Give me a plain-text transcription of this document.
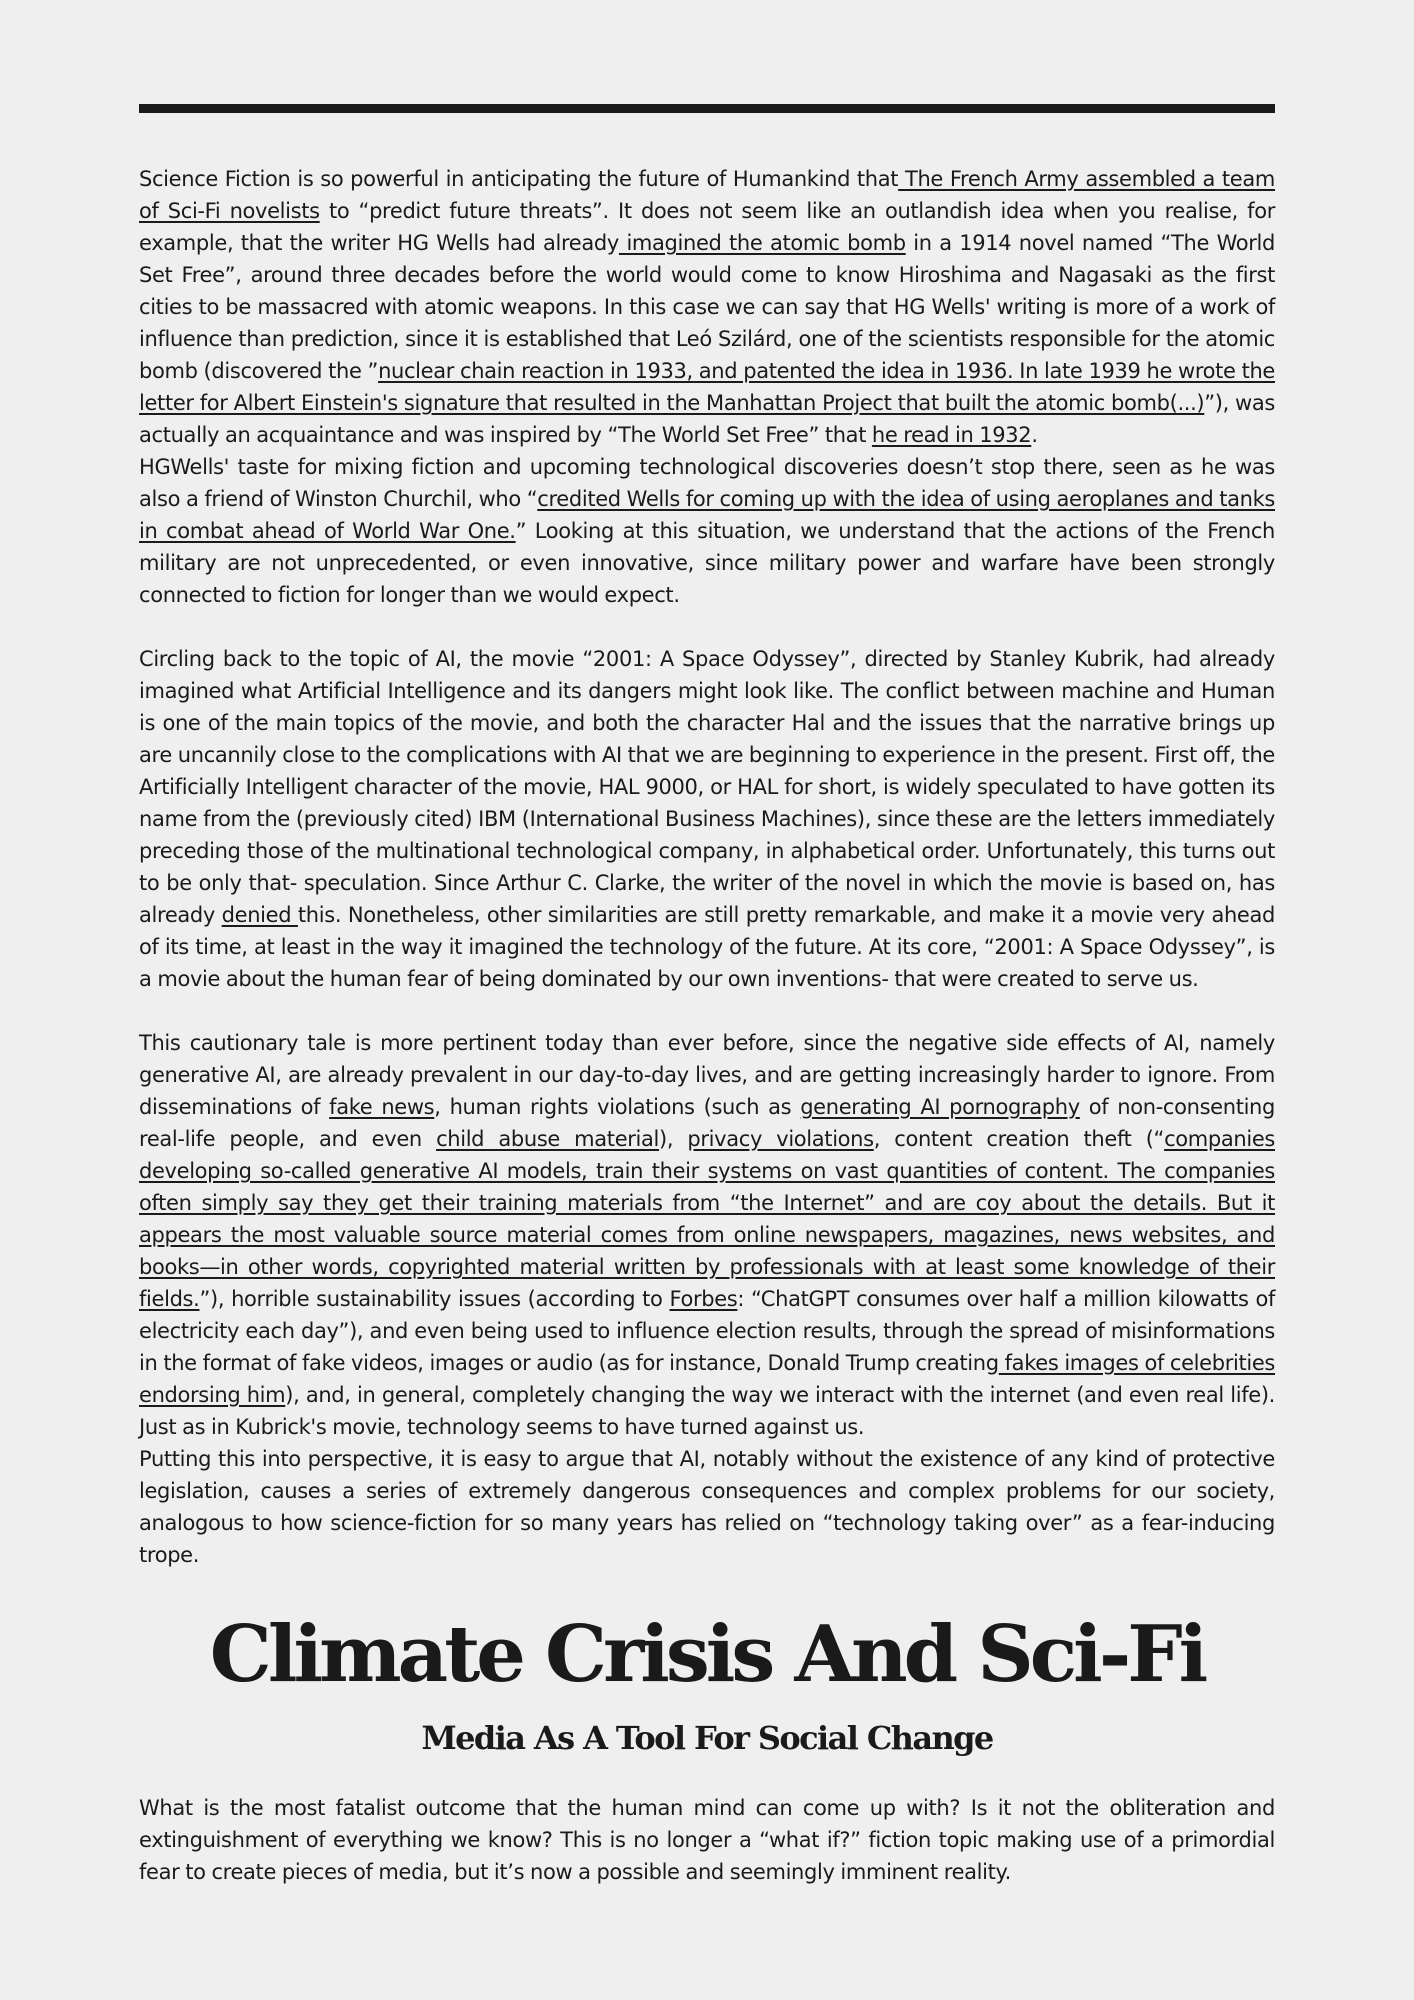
Science Fiction is so powerful in anticipating the future of Humankind that The French Army assembled a team of Sci-Fi novelists to “predict future threats”. It does not seem like an outlandish idea when you realise, for example, that the writer HG Wells had already imagined the atomic bomb in a 1914 novel named “The World Set Free”, around three decades before the world would come to know Hiroshima and Nagasaki as the first cities to be massacred with atomic weapons. In this case we can say that HG Wells' writing is more of a work of influence than prediction, since it is established that Leó Szilárd, one of the scientists responsible for the atomic bomb (discovered the ”nuclear chain reaction in 1933, and patented the idea in 1936. In late 1939 he wrote the letter for Albert Einstein's signature that resulted in the Manhattan Project that built the atomic bomb(...)”), was actually an acquaintance and was inspired by “The World Set Free” that he read in 1932.

HGWells' taste for mixing fiction and upcoming technological discoveries doesn’t stop there, seen as he was also a friend of Winston Churchil, who “credited Wells for coming up with the idea of using aeroplanes and tanks in combat ahead of World War One.” Looking at this situation, we understand that the actions of the French military are not unprecedented, or even innovative, since military power and warfare have been strongly connected to fiction for longer than we would expect.

Circling back to the topic of AI, the movie “2001: A Space Odyssey”, directed by Stanley Kubrik, had already imagined what Artificial Intelligence and its dangers might look like. The conflict between machine and Human is one of the main topics of the movie, and both the character Hal and the issues that the narrative brings up are uncannily close to the complications with AI that we are beginning to experience in the present. First off, the Artificially Intelligent character of the movie, HAL 9000, or HAL for short, is widely speculated to have gotten its name from the (previously cited) IBM (International Business Machines), since these are the letters immediately preceding those of the multinational technological company, in alphabetical order. Unfortunately, this turns out to be only that- speculation. Since Arthur C. Clarke, the writer of the novel in which the movie is based on, has already denied this. Nonetheless, other similarities are still pretty remarkable, and make it a movie very ahead of its time, at least in the way it imagined the technology of the future. At its core, “2001: A Space Odyssey”, is a movie about the human fear of being dominated by our own inventions- that were created to serve us.

This cautionary tale is more pertinent today than ever before, since the negative side effects of AI, namely generative AI, are already prevalent in our day-to-day lives, and are getting increasingly harder to ignore. From disseminations of fake news, human rights violations (such as generating AI pornography of non-consenting real-life people, and even child abuse material), privacy violations, content creation theft (“companies developing so-called generative AI models, train their systems on vast quantities of content. The companies often simply say they get their training materials from “the Internet” and are coy about the details. But it appears the most valuable source material comes from online newspapers, magazines, news websites, and books—in other words, copyrighted material written by professionals with at least some knowledge of their fields.”), horrible sustainability issues (according to Forbes: “ChatGPT consumes over half a million kilowatts of electricity each day”), and even being used to influence election results, through the spread of misinformations in the format of fake videos, images or audio (as for instance, Donald Trump creating fakes images of celebrities endorsing him), and, in general, completely changing the way we interact with the internet (and even real life). Just as in Kubrick's movie, technology seems to have turned against us.

Putting this into perspective, it is easy to argue that AI, notably without the existence of any kind of protective legislation, causes a series of extremely dangerous consequences and complex problems for our society, analogous to how science-fiction for so many years has relied on “technology taking over” as a fear-inducing trope.

Climate Crisis And Sci-Fi
Media As A Tool For Social Change

What is the most fatalist outcome that the human mind can come up with? Is it not the obliteration and extinguishment of everything we know? This is no longer a “what if?” fiction topic making use of a primordial fear to create pieces of media, but it’s now a possible and seemingly imminent reality.
